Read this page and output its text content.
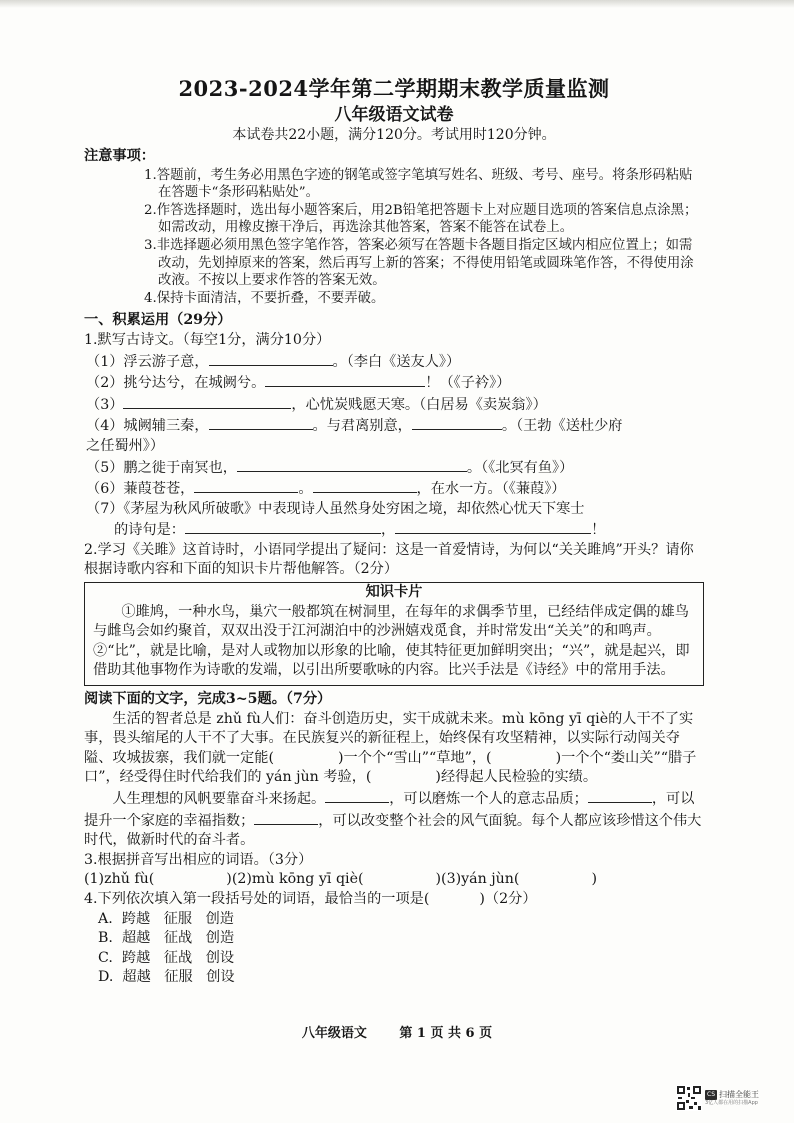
2023-2024学年第二学期期末教学质量监测

八年级语文试卷

本试卷共22小题，满分120分。考试用时120分钟。

注意事项：

1.答题前，考生务必用黑色字迹的钢笔或签字笔填写姓名、班级、考号、座号。将条形码粘贴在答题卡“条形码粘贴处”。

2.作答选择题时，选出每小题答案后，用2B铅笔把答题卡上对应题目选项的答案信息点涂黑；如需改动，用橡皮擦干净后，再选涂其他答案，答案不能答在试卷上。

3.非选择题必须用黑色签字笔作答，答案必须写在答题卡各题目指定区域内相应位置上；如需改动，先划掉原来的答案，然后再写上新的答案；不得使用铅笔或圆珠笔作答，不得使用涂改液。不按以上要求作答的答案无效。

4.保持卡面清洁，不要折叠，不要弄破。

一、积累运用（29分）

1.默写古诗文。（每空1分，满分10分）

（1）浮云游子意，	。（李白《送友人》）

（2）挑兮达兮，在城阙兮。	！（《子衿》）

（3）	，心忧炭贱愿天寒。（白居易《卖炭翁》）

（4）城阙辅三秦，	。与君离别意，	。（王勃《送杜少府

之任蜀州》）

（5）鹏之徙于南冥也，	。（《北冥有鱼》）

（6）蒹葭苍苍，	。	，在水一方。（《蒹葭》）

（7）《茅屋为秋风所破歌》中表现诗人虽然身处穷困之境，却依然心忧天下寒士

的诗句是：	，	！

2.学习《关雎》这首诗时，小语同学提出了疑问：这是一首爱情诗，为何以“关关雎鸠”开头？请你根据诗歌内容和下面的知识卡片帮他解答。（2分）

知识卡片

①雎鸠，一种水鸟，巢穴一般都筑在树洞里，在每年的求偶季节里，已经结伴成定偶的雄鸟与雌鸟会如约聚首，双双出没于江河湖泊中的沙洲嬉戏觅食，并时常发出“关关”的和鸣声。②“比”，就是比喻，是对人或物加以形象的比喻，使其特征更加鲜明突出；“兴”，就是起兴，即借助其他事物作为诗歌的发端，以引出所要歌咏的内容。比兴手法是《诗经》中的常用手法。

阅读下面的文字，完成3~5题。（7分）

生活的智者总是 zhǔ fù人们：奋斗创造历史，实干成就未来。mù kōng yī qiè的人干不了实事，畏头缩尾的人干不了大事。在民族复兴的新征程上，始终保有攻坚精神，以实际行动闯关夺隘、攻城拔寨，我们就一定能(	)一个个“雪山”“草地”，(	)一个个“娄山关”“腊子口”，经受得住时代给我们的 yán jùn 考验，(	)经得起人民检验的实绩。

人生理想的风帆要靠奋斗来扬起。	，可以磨炼一个人的意志品质；	，可以提升一个家庭的幸福指数；	，可以改变整个社会的风气面貌。每个人都应该珍惜这个伟大时代，做新时代的奋斗者。

3.根据拼音写出相应的词语。（3分）

(1)zhǔ fù(	)(2)mù kōng yī qiè(	)(3)yán jùn(	)

4.下列依次填入第一段括号处的词语，最恰当的一项是(	)（2分）

A.  跨越   征服   创造

B.  超越   征战   创造

C.  跨越   征战   创设

D.  超越   征服   创设

八年级语文	第 1 页 共 6 页
CS 扫描全能王
3亿人都在用的扫描App
